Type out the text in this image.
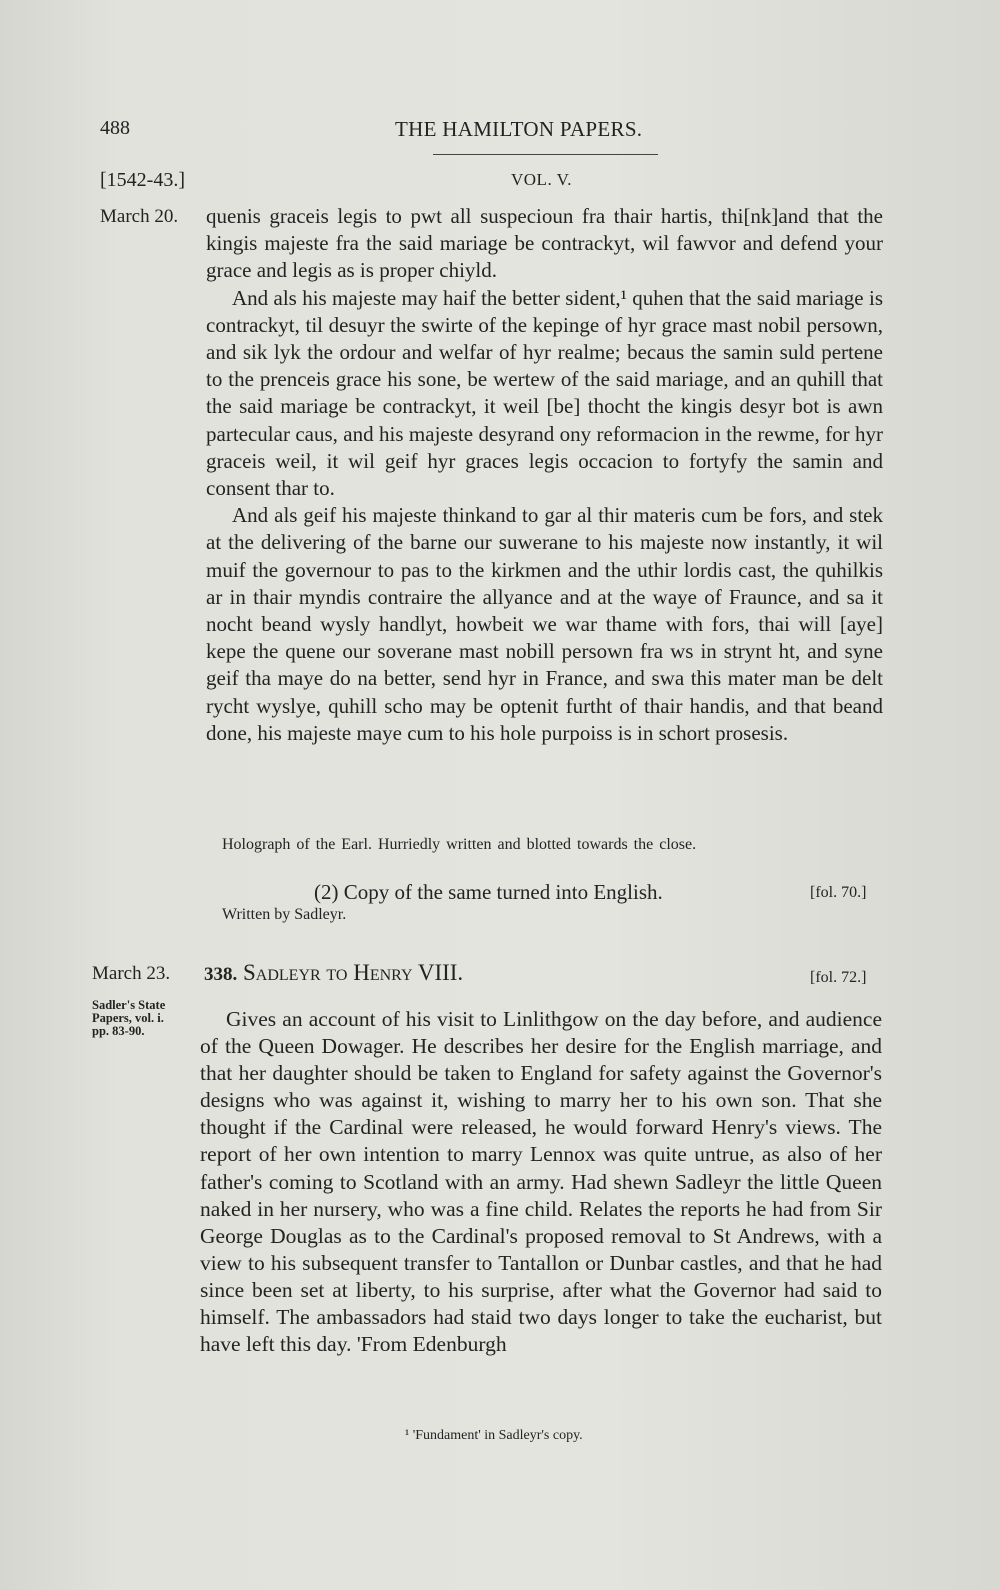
488	THE HAMILTON PAPERS.
[1542-43.]	VOL. V.
March 20. quenis graceis legis to pwt all suspecioun fra thair hartis, thi[nk]and that the kingis majeste fra the said mariage be contrackyt, wil fawvor and defend your grace and legis as is proper chiyld.

And als his majeste may haif the better sident,¹ quhen that the said mariage is contrackyt, til desuyr the swirte of the kepinge of hyr grace mast nobil persown, and sik lyk the ordour and welfar of hyr realme; becaus the samin suld pertene to the prenceis grace his sone, be wertew of the said mariage, and an quhill that the said mariage be contrackyt, it weil [be] thocht the kingis desyr bot is awn partecular caus, and his majeste desyrand ony reformacion in the rewme, for hyr graceis weil, it wil geif hyr graces legis occacion to fortyfy the samin and consent thar to.

And als geif his majeste thinkand to gar al thir materis cum be fors, and stek at the delivering of the barne our suwerane to his majeste now instantly, it wil muif the governour to pas to the kirkmen and the uthir lordis cast, the quhilkis ar in thair myndis contraire the allyance and at the waye of Fraunce, and sa it nocht beand wysly handlyt, howbeit we war thame with fors, thai will [aye] kepe the quene our soverane mast nobill persown fra ws in strynt ht, and syne geif tha maye do na better, send hyr in France, and swa this mater man be delt rycht wyslye, quhill scho may be optenit furtht of thair handis, and that beand done, his majeste maye cum to his hole purpoiss is in schort prosesis.

Holograph of the Earl. Hurriedly written and blotted towards the close.
(2) Copy of the same turned into English.	[fol. 70.]
Written by Sadleyr.
March 23. 338. Sadleyr to Henry VIII.	[fol. 72.]
Sadler's State
Papers, vol. i.
pp. 83-90.	Gives an account of his visit to Linlithgow on the day before, and audience of the Queen Dowager. He describes her desire for the English marriage, and that her daughter should be taken to England for safety against the Governor's designs who was against it, wishing to marry her to his own son. That she thought if the Cardinal were released, he would forward Henry's views. The report of her own intention to marry Lennox was quite untrue, as also of her father's coming to Scotland with an army. Had shewn Sadleyr the little Queen naked in her nursery, who was a fine child. Relates the reports he had from Sir George Douglas as to the Cardinal's proposed removal to St Andrews, with a view to his subsequent transfer to Tantallon or Dunbar castles, and that he had since been set at liberty, to his surprise, after what the Governor had said to himself. The ambassadors had staid two days longer to take the eucharist, but have left this day. 'From Edenburgh

¹ 'Fundament' in Sadleyr's copy.
